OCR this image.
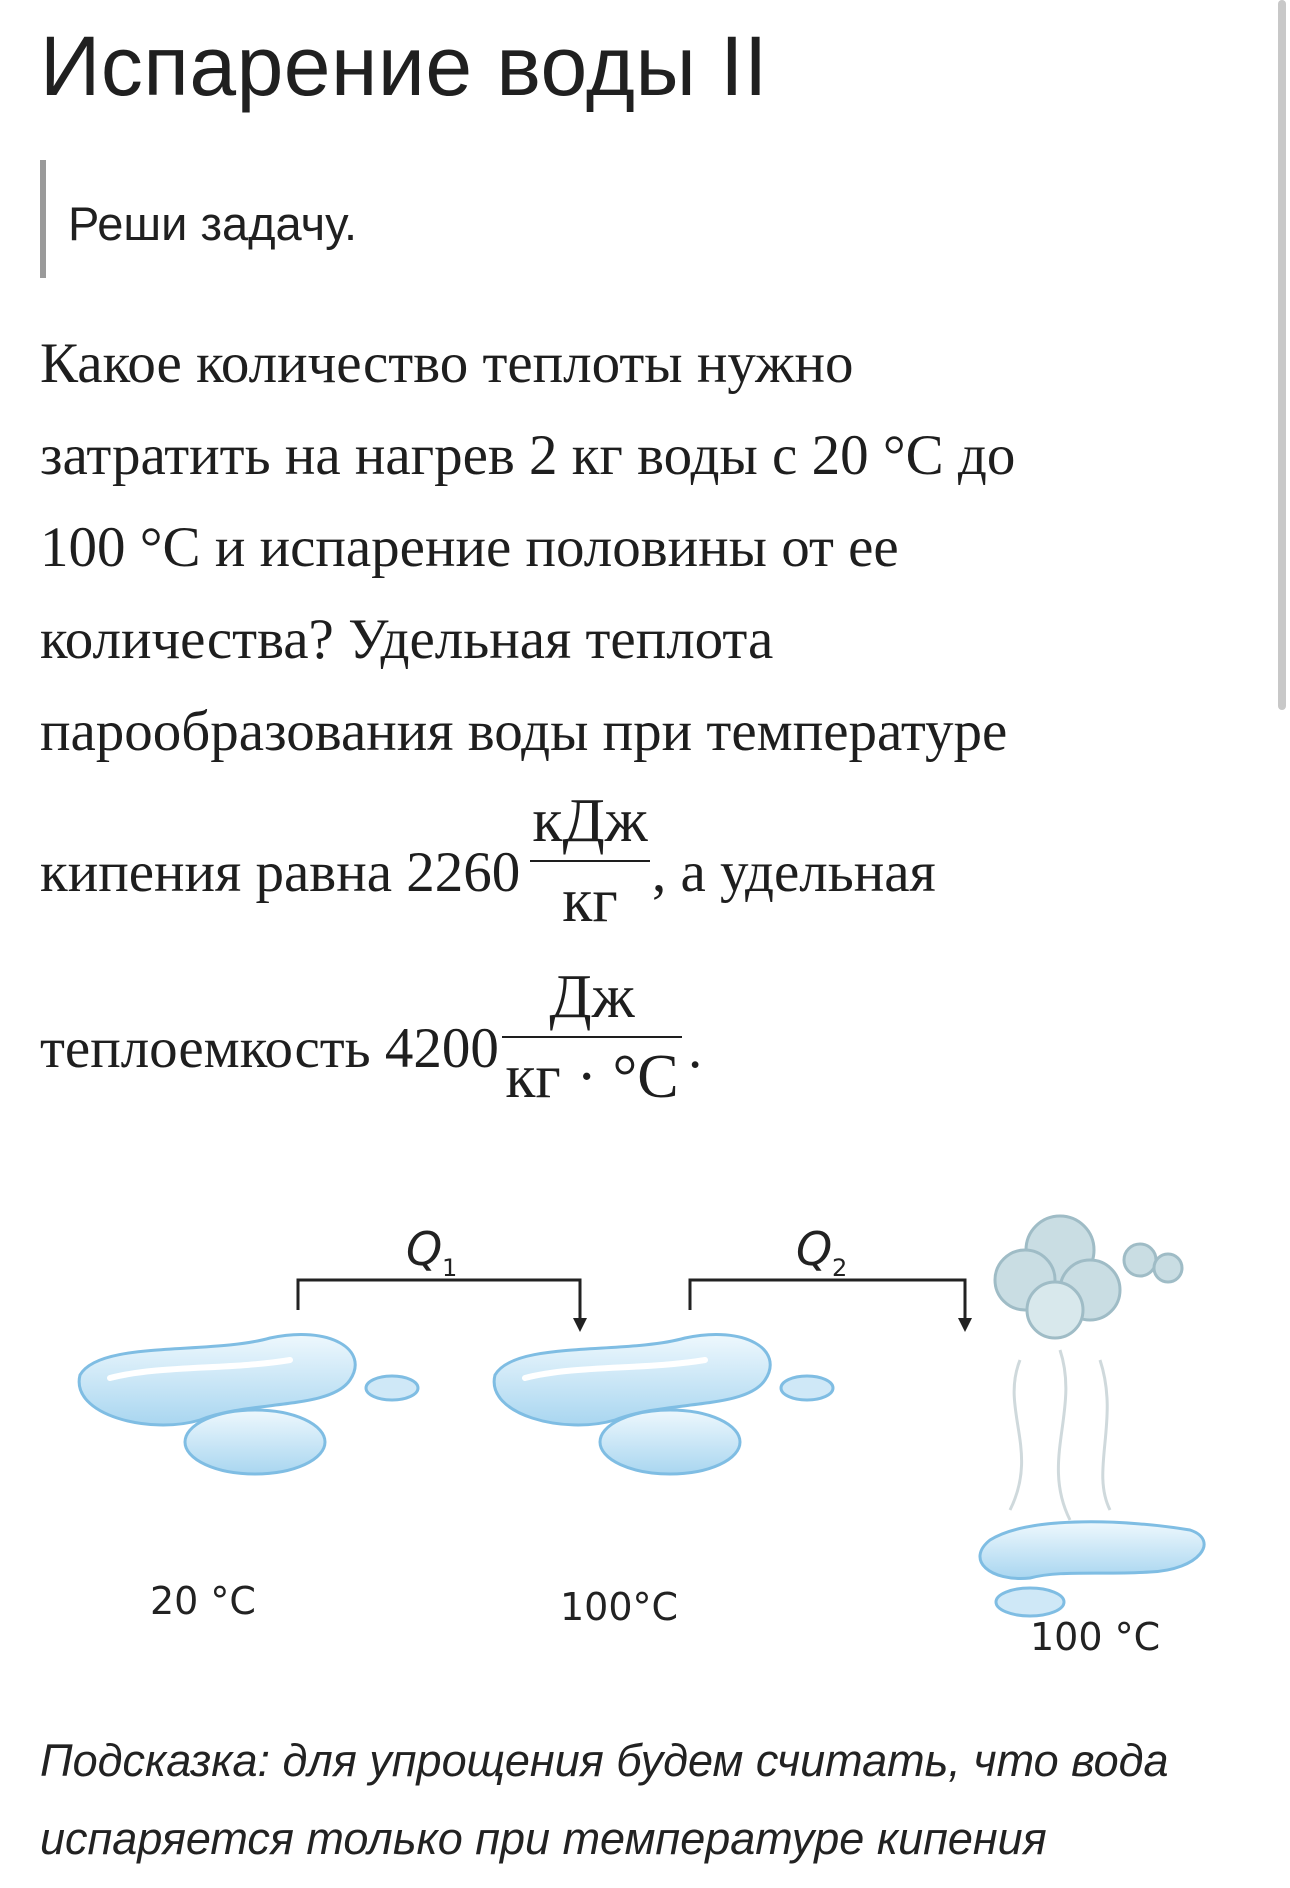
Испарение воды II
Реши задачу.
Какое количество теплоты нужно
затратить на нагрев 2 кг воды с 20 °С до
100 °С и испарение половины от ее
количества? Удельная теплота
парообразования воды при температуре
кипения равна 2260
кДж
кг , а удельная
теплоемкость 4200
Дж
кг · °С .
Q 1	Q 2
20 °С	100°С
100 °С
Подсказка: для упрощения будем считать, что вода испаряется только при температуре кипения
